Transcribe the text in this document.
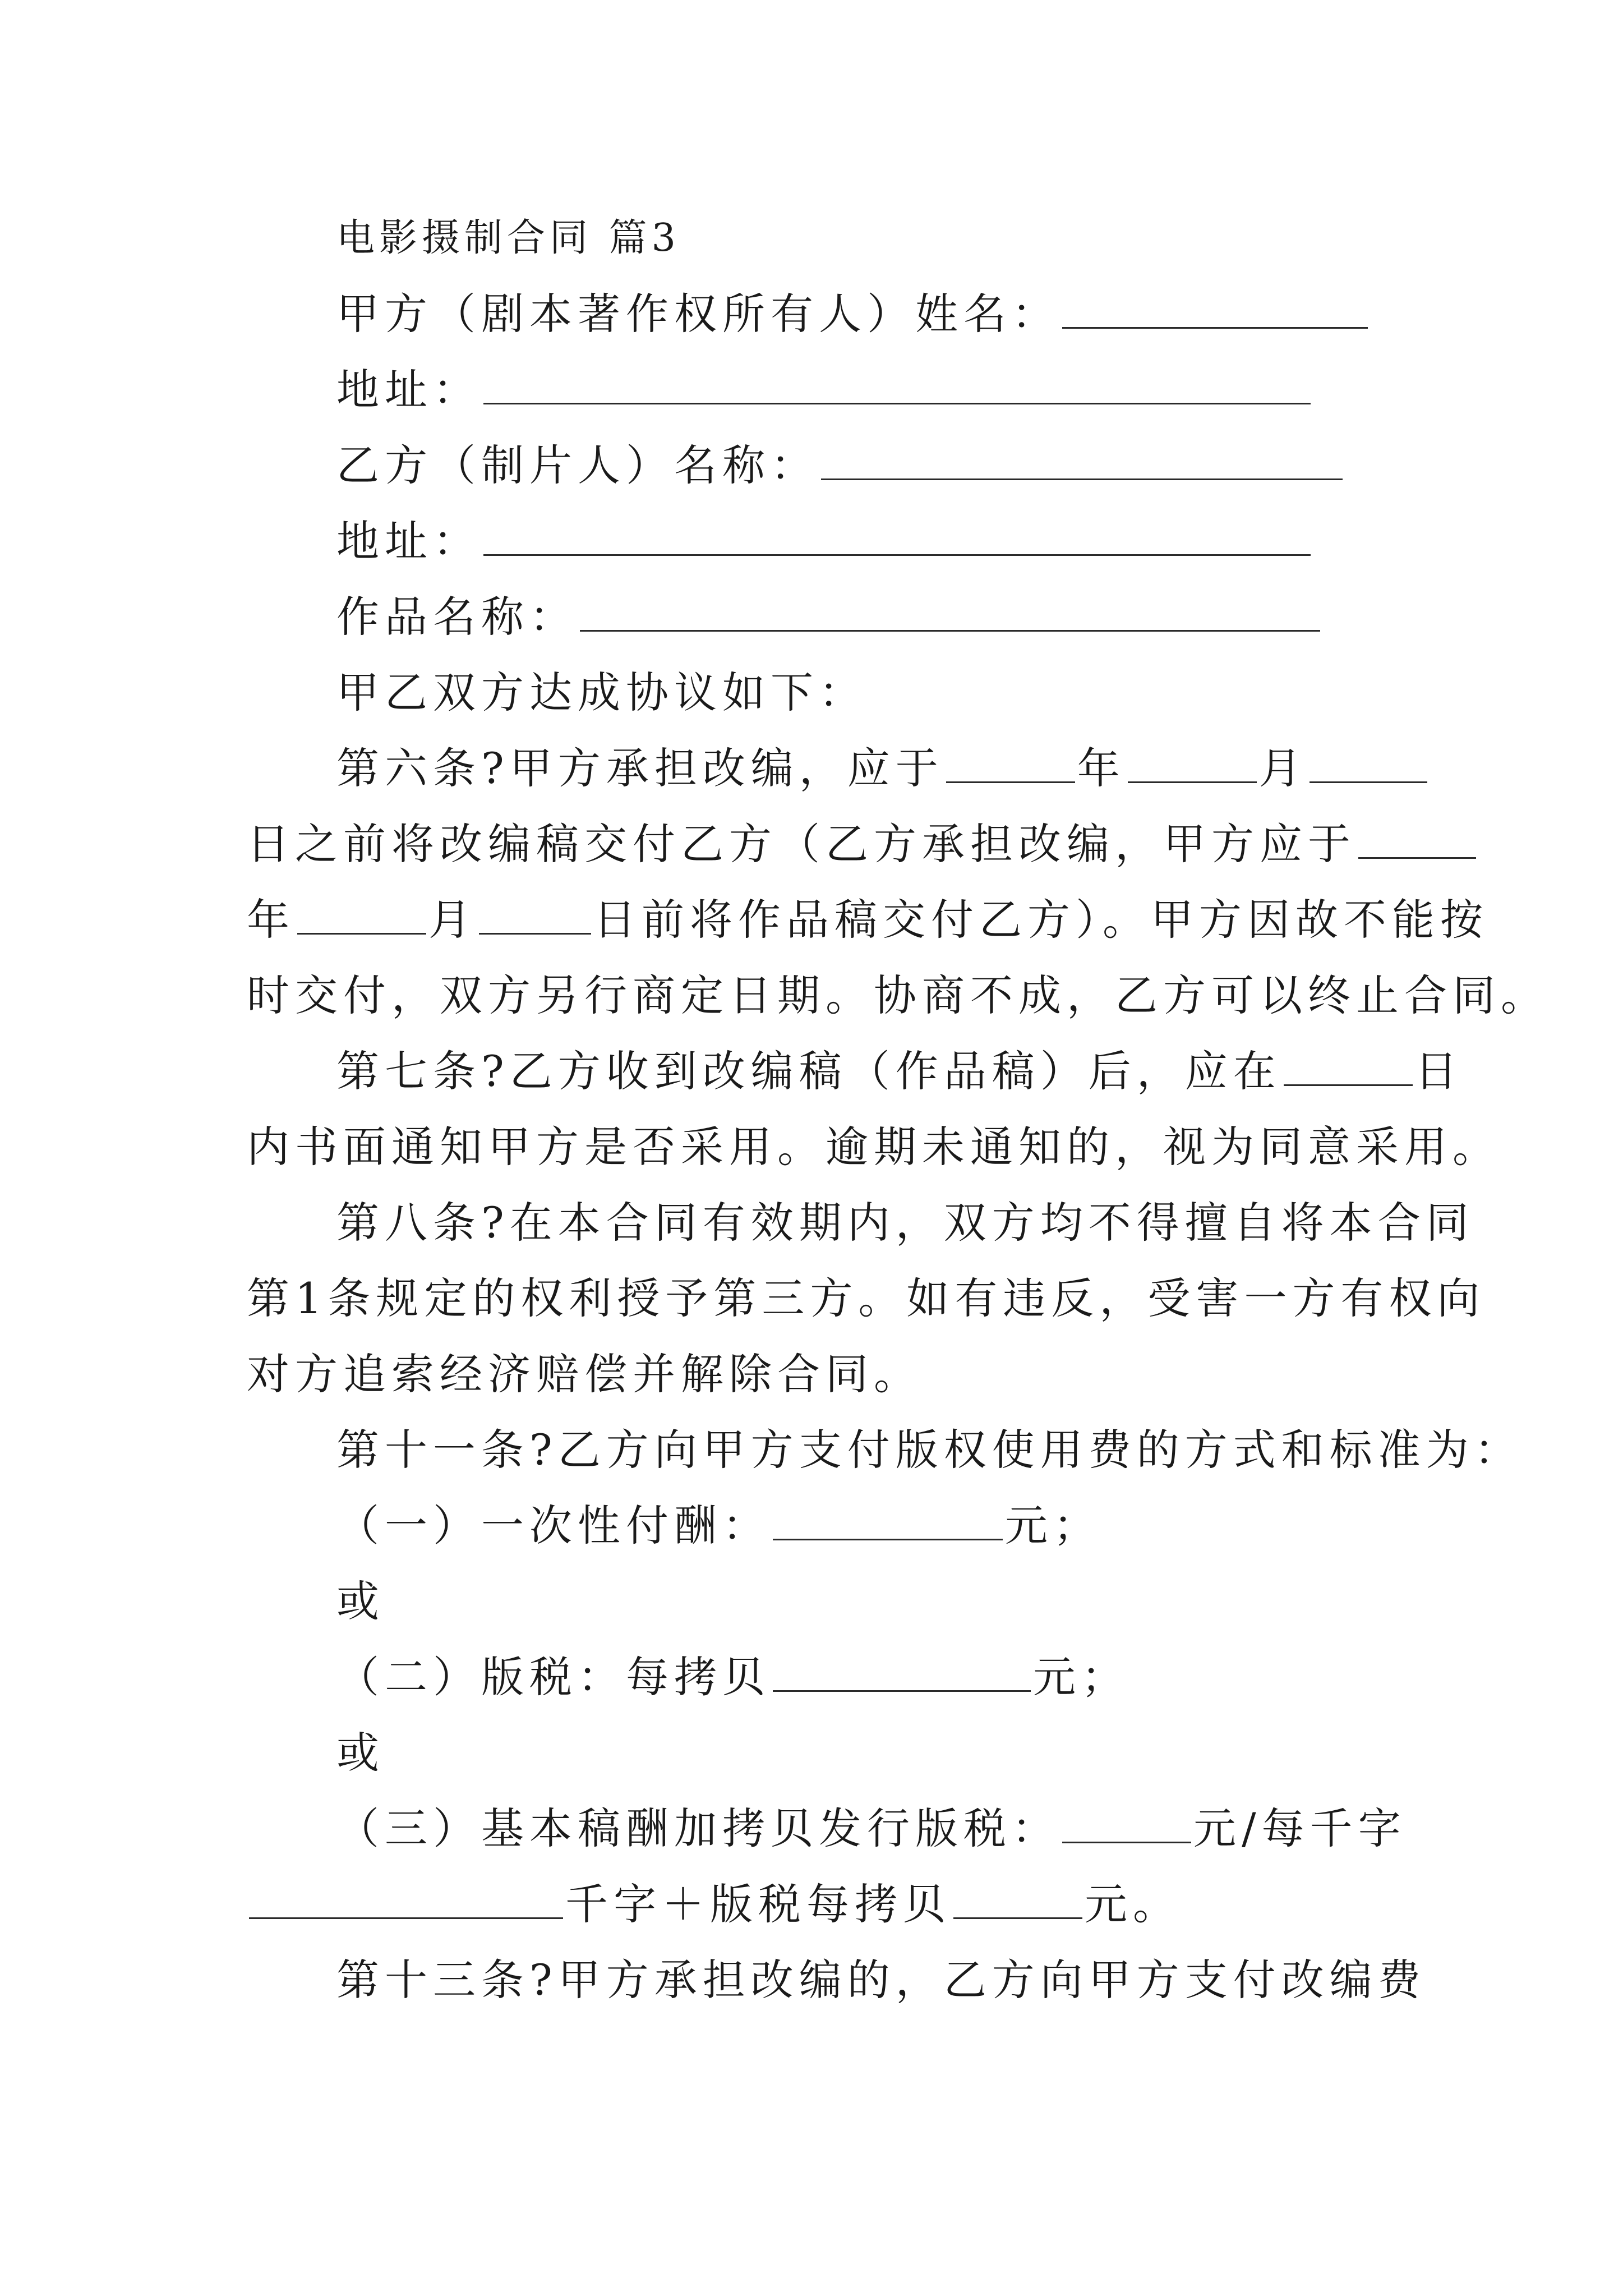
电影摄制合同 篇3
甲方（剧本著作权所有人）姓名：
地址：
乙方（制片人）名称：
地址：
作品名称：
甲乙双方达成协议如下：
第六条?甲方承担改编，应于	年	月
日之前将改编稿交付乙方（乙方承担改编，甲方应于
年	月	日前将作品稿交付乙方）。甲方因故不能按
时交付，双方另行商定日期。协商不成，乙方可以终止合同。
第七条?乙方收到改编稿（作品稿）后，应在	日
内书面通知甲方是否采用。逾期未通知的，视为同意采用。
第八条?在本合同有效期内，双方均不得擅自将本合同
第1条规定的权利授予第三方。如有违反，受害一方有权向
对方追索经济赔偿并解除合同。
第十一条?乙方向甲方支付版权使用费的方式和标准为：
（一）一次性付酬：	元；
或
（二）版税：每拷贝	元；
或
（三）基本稿酬加拷贝发行版税：	元/每千字
千字＋版税每拷贝	元。
第十三条?甲方承担改编的，乙方向甲方支付改编费
